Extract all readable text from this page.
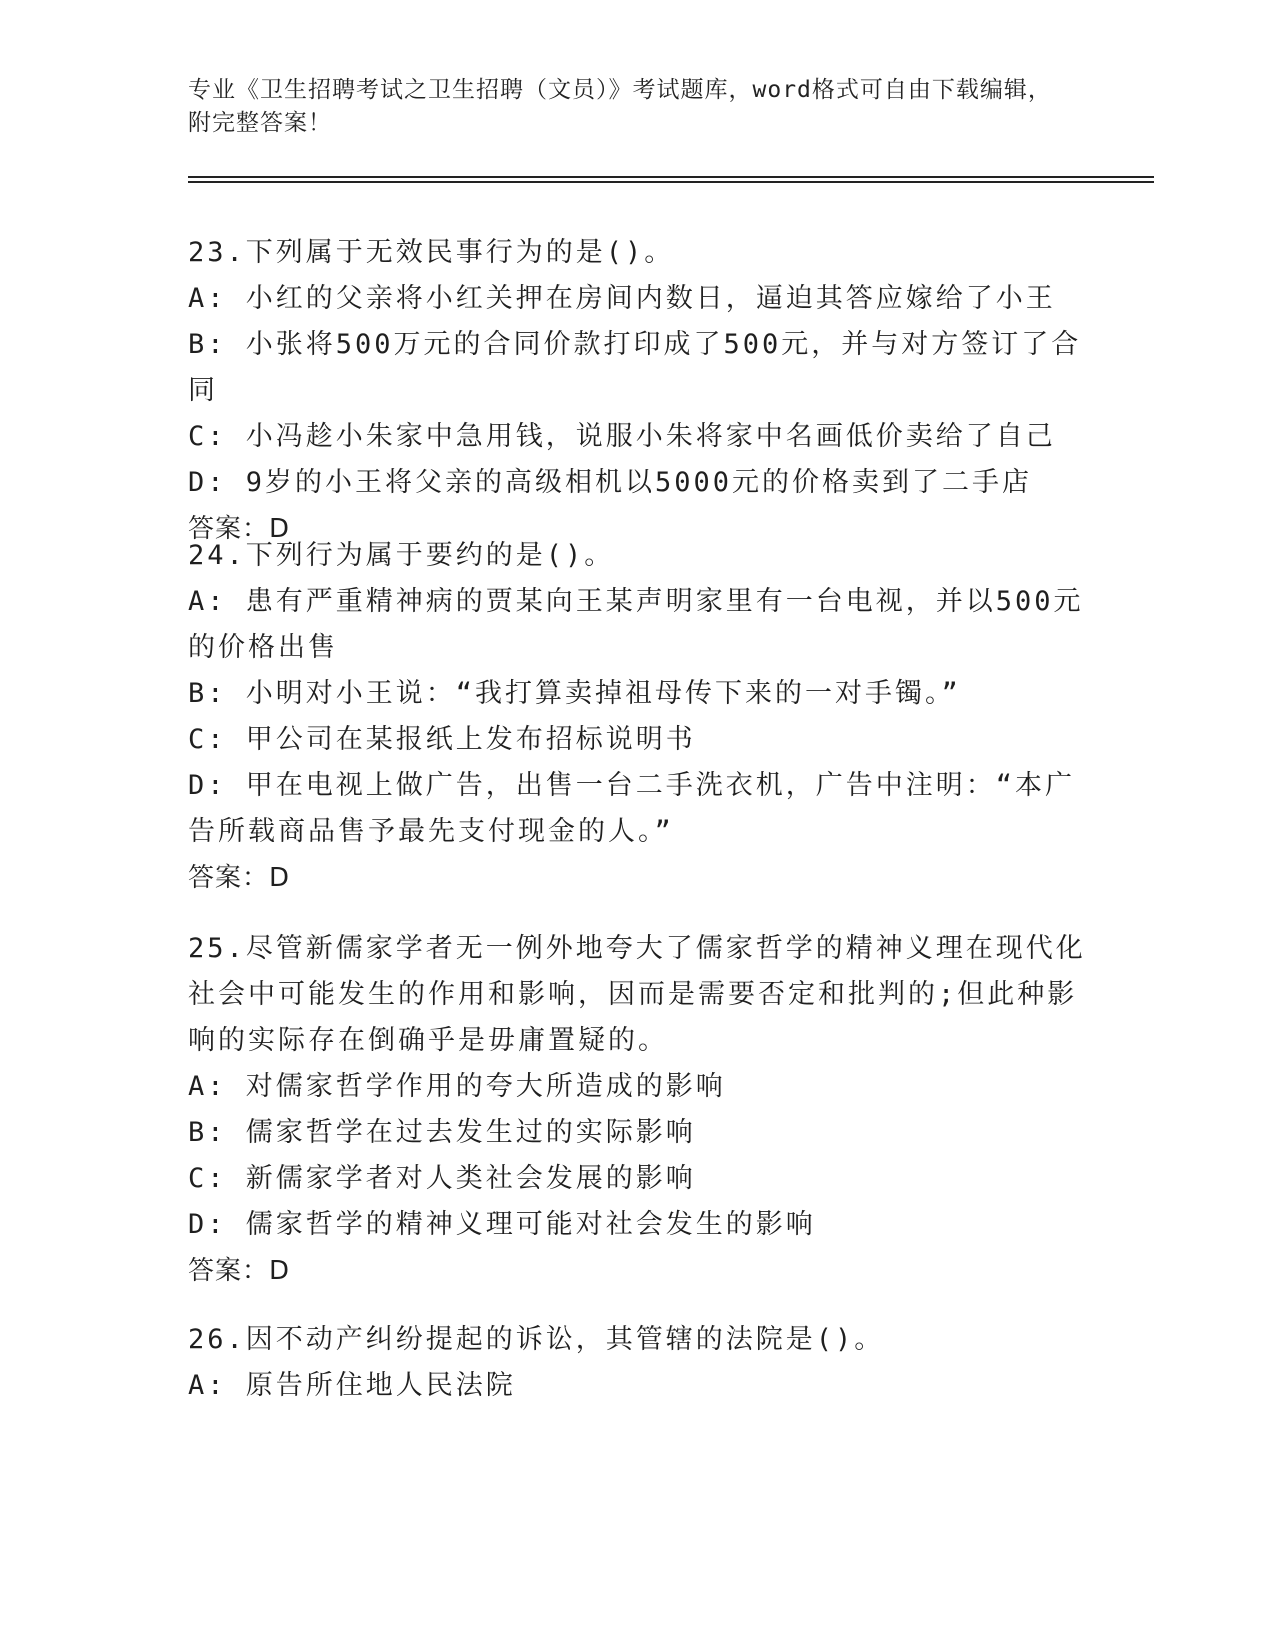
专业《卫生招聘考试之卫生招聘（文员）》考试题库，word格式可自由下载编辑，附完整答案！

23.下列属于无效民事行为的是()。

A: 小红的父亲将小红关押在房间内数日，逼迫其答应嫁给了小王

B: 小张将500万元的合同价款打印成了500元，并与对方签订了合同

C: 小冯趁小朱家中急用钱，说服小朱将家中名画低价卖给了自己

D: 9岁的小王将父亲的高级相机以5000元的价格卖到了二手店

答案：D

24.下列行为属于要约的是()。

A: 患有严重精神病的贾某向王某声明家里有一台电视，并以500元的价格出售

B: 小明对小王说：“我打算卖掉祖母传下来的一对手镯。”

C: 甲公司在某报纸上发布招标说明书

D: 甲在电视上做广告，出售一台二手洗衣机，广告中注明：“本广告所载商品售予最先支付现金的人。”

答案：D

25.尽管新儒家学者无一例外地夸大了儒家哲学的精神义理在现代化社会中可能发生的作用和影响，因而是需要否定和批判的;但此种影响的实际存在倒确乎是毋庸置疑的。

A: 对儒家哲学作用的夸大所造成的影响

B: 儒家哲学在过去发生过的实际影响

C: 新儒家学者对人类社会发展的影响

D: 儒家哲学的精神义理可能对社会发生的影响

答案：D

26.因不动产纠纷提起的诉讼，其管辖的法院是()。

A: 原告所住地人民法院
